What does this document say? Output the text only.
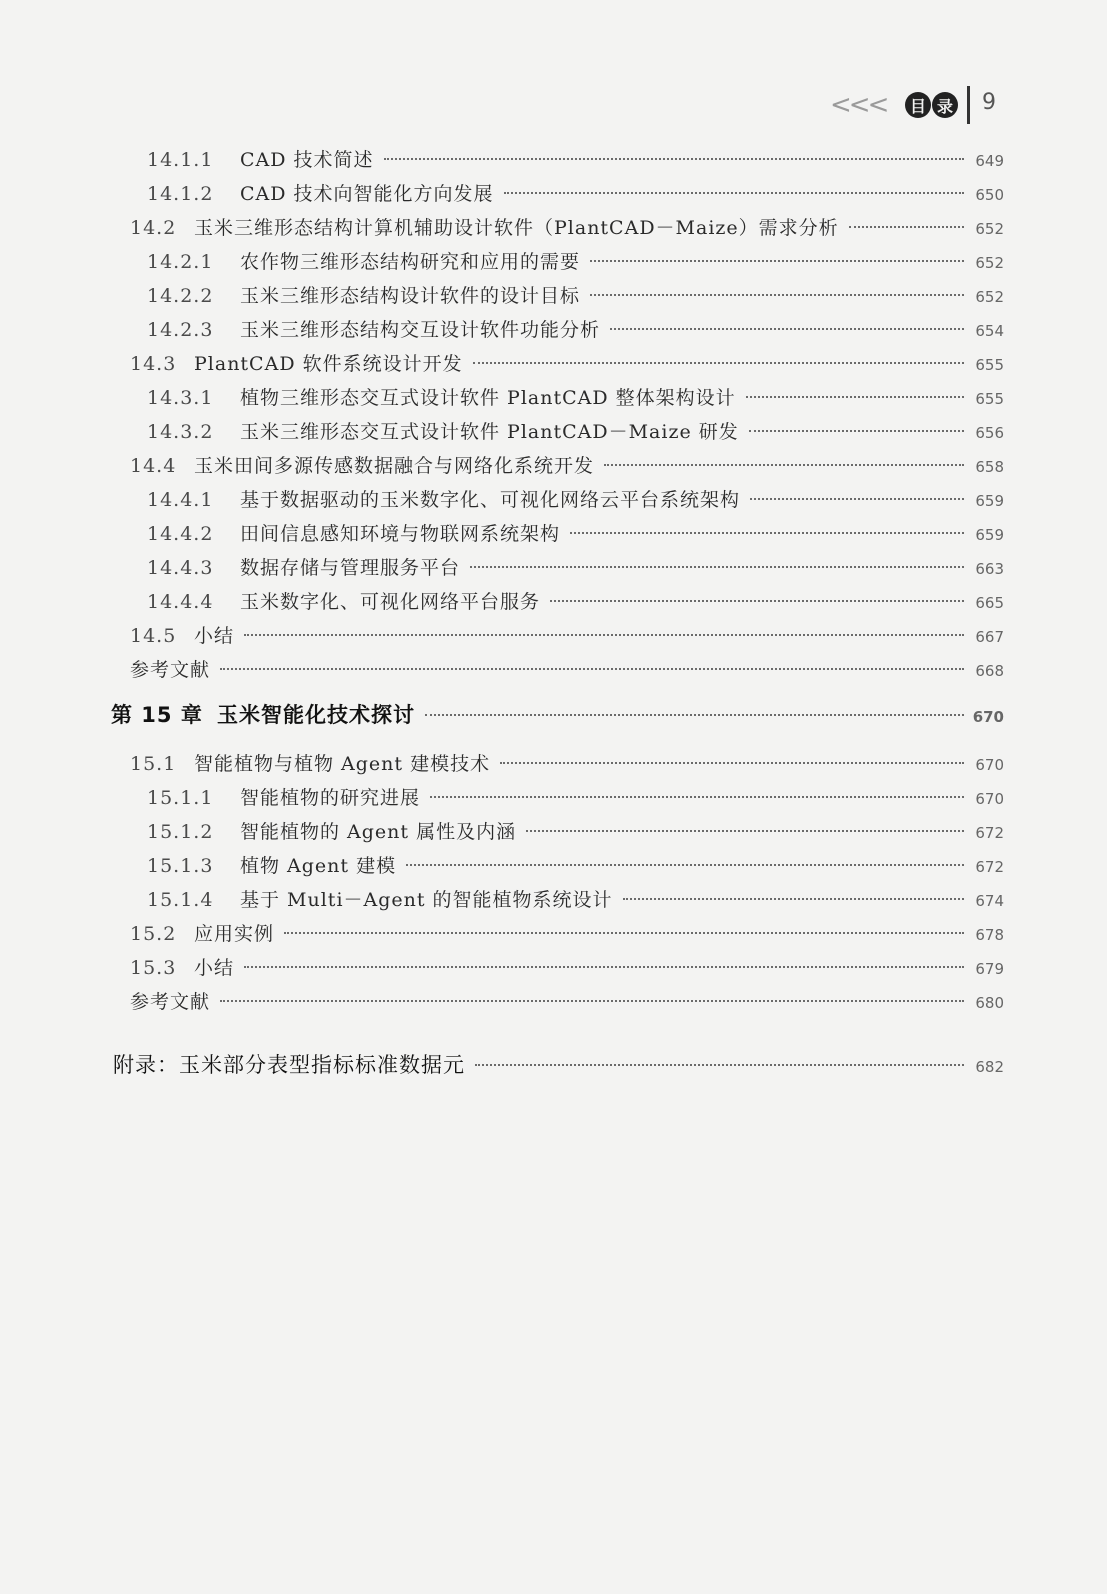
<<<	目 录 9
14.1.1	CAD 技术简述	649
14.1.2	CAD 技术向智能化方向发展	650
14.2 玉米三维形态结构计算机辅助设计软件（PlantCAD－Maize）需求分析	652
14.2.1	农作物三维形态结构研究和应用的需要	652
14.2.2	玉米三维形态结构设计软件的设计目标	652
14.2.3	玉米三维形态结构交互设计软件功能分析	654
14.3 PlantCAD 软件系统设计开发	655
14.3.1	植物三维形态交互式设计软件 PlantCAD 整体架构设计	655
14.3.2	玉米三维形态交互式设计软件 PlantCAD－Maize 研发	656
14.4 玉米田间多源传感数据融合与网络化系统开发	658
14.4.1	基于数据驱动的玉米数字化、可视化网络云平台系统架构	659
14.4.2	田间信息感知环境与物联网系统架构	659
14.4.3	数据存储与管理服务平台	663
14.4.4	玉米数字化、可视化网络平台服务	665
14.5 小结	667
参考文献	668
第 15 章 玉米智能化技术探讨	670
15.1 智能植物与植物 Agent 建模技术	670
15.1.1	智能植物的研究进展	670
15.1.2	智能植物的 Agent 属性及内涵	672
15.1.3	植物 Agent 建模	672
15.1.4	基于 Multi－Agent 的智能植物系统设计	674
15.2 应用实例	678
15.3 小结	679
参考文献	680
附录：玉米部分表型指标标准数据元	682
